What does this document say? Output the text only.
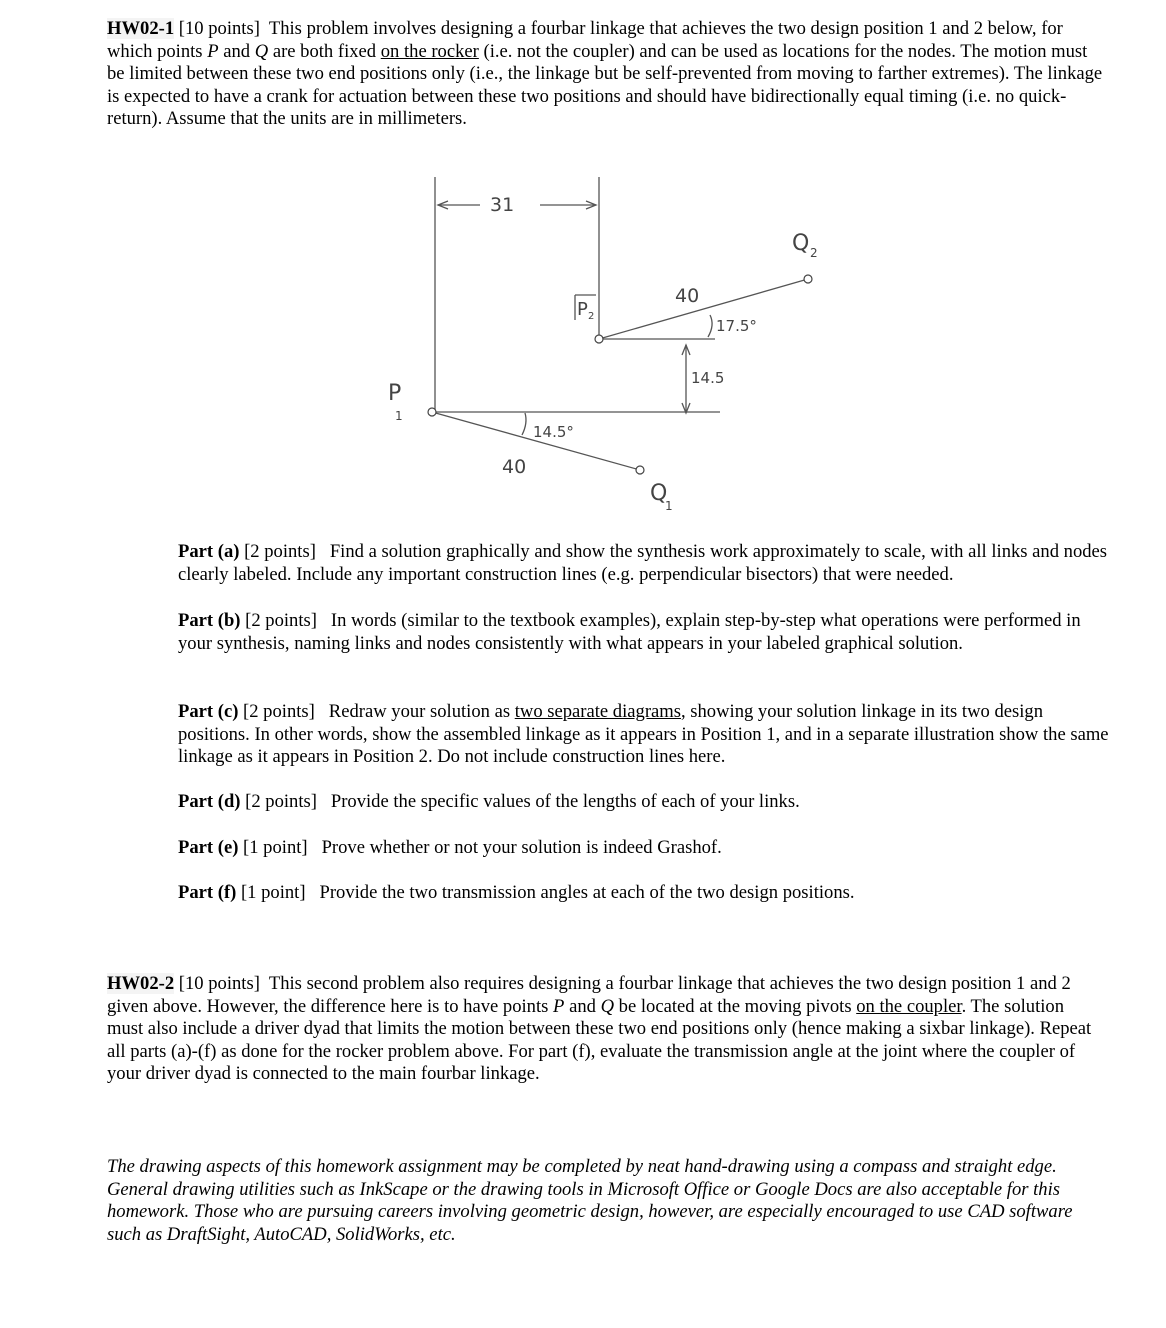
HW02-1 [10 points] This problem involves designing a fourbar linkage that achieves the two design position 1 and 2 below, for which points P and Q are both fixed on the rocker (i.e. not the coupler) and can be used as locations for the nodes. The motion must be limited between these two end positions only (i.e., the linkage but be self-prevented from moving to farther extremes). The linkage is expected to have a crank for actuation between these two positions and should have bidirectionally equal timing (i.e. no quick-return). Assume that the units are in millimeters.
31
P
1
P 2
Q
1
Q 2
40
14.5°
40
17.5°
14.5
Part (a) [2 points] Find a solution graphically and show the synthesis work approximately to scale, with all links and nodes clearly labeled. Include any important construction lines (e.g. perpendicular bisectors) that were needed.
Part (b) [2 points] In words (similar to the textbook examples), explain step-by-step what operations were performed in your synthesis, naming links and nodes consistently with what appears in your labeled graphical solution.
Part (c) [2 points] Redraw your solution as two separate diagrams, showing your solution linkage in its two design positions. In other words, show the assembled linkage as it appears in Position 1, and in a separate illustration show the same linkage as it appears in Position 2. Do not include construction lines here.
Part (d) [2 points] Provide the specific values of the lengths of each of your links.
Part (e) [1 point] Prove whether or not your solution is indeed Grashof.
Part (f) [1 point] Provide the two transmission angles at each of the two design positions.
HW02-2 [10 points] This second problem also requires designing a fourbar linkage that achieves the two design position 1 and 2 given above. However, the difference here is to have points P and Q be located at the moving pivots on the coupler. The solution must also include a driver dyad that limits the motion between these two end positions only (hence making a sixbar linkage). Repeat all parts (a)-(f) as done for the rocker problem above. For part (f), evaluate the transmission angle at the joint where the coupler of your driver dyad is connected to the main fourbar linkage.
The drawing aspects of this homework assignment may be completed by neat hand-drawing using a compass and straight edge. General drawing utilities such as InkScape or the drawing tools in Microsoft Office or Google Docs are also acceptable for this homework. Those who are pursuing careers involving geometric design, however, are especially encouraged to use CAD software such as DraftSight, AutoCAD, SolidWorks, etc.
